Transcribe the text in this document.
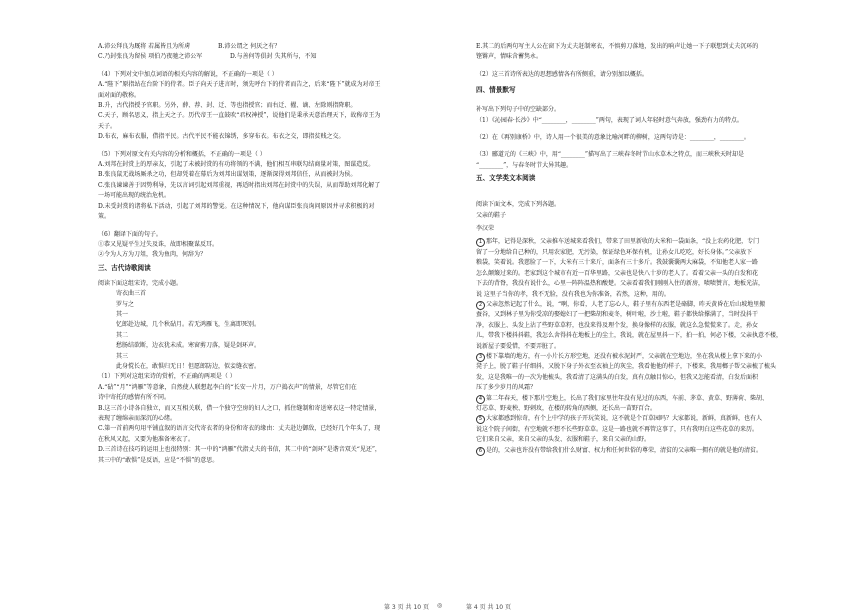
A.沛公拜良为厩将 若属皆且为所虏	B.沛公谓之 何厌之有？
C.乃封张良为留侯 项伯乃夜驰之沛公军	D.与善何等俱封 失其所与，不知
（4）下列对文中加点词语的相关内容的解说，不正确的一项是（ ）
A.“陛下”原指站在台阶下的侍者。臣子向天子进言时，须先呼台下的侍者而告之，后来“陛下”就成为对帝王
面对面的敬称。
B.升，古代指授予官职。另外，薛、荐、封、迁、等也指授官；而右迁、擢、谪、左除则指降职。
C.天子，顾名思义，指上天之子。历代帝王一直鼓吹“君权神授”，说他们是秉承天意治理天下，故称帝王为
天子。
D.布衣，麻布衣服，借指平民。古代平民不能衣锦绣，多穿布衣。布衣之交，即指贫贱之交。
（5）下列对原文有关内容的分析和概括，不正确的一项是（ ）
A.刘邦在封赏上的厚亲友，引起了未被封赏的有功将领的不满，他们相互串联勾结商量对策，图谋造反。
B.张良鼠无战场厮杀之功，但却凭着在幕后为刘邦出谋划策，逐渐深得刘邦信任，从而被封为侯。
C.张良谏谏善于因势利导，先以言词引起刘邦重视，再适时指出刘邦在封赏中的失误，从而帮助刘邦化解了
一场可能出现的统治危机。
D.未受封赏的诸将私下活动，引起了刘邦的警觉。在这种情况下，他向谋臣张良询问原因并寻求积极的对
策。
（6）翻译下面的句子。
①恭又见疑平生过失及诛，故即相聚谋反耳。
②令为人方为刀俎，我为鱼肉，何辞为？
三、古代诗歌阅读
阅读下面这组宋诗，完成小题。
寄衣曲三首
罗与之
其一
忆郎赴边城，几个秋砧月。若无鸿雁飞，生离即死别。
其二
愁肠结欲断，边衣犹未成。寒窗剪刀落，疑是剑环声。
其三
此身傥长在，敢惧归无日！但愿郎防边，似妾缝衣密。
（1）下列对这组宋诗的赏析，不正确的两项是（ ）
A.“砧”“月”“鸿雁”等意象，自然使人联想起李白的“长安一片月，万户捣衣声”的情景，尽管它们在
诗中寄托的感情有所不同。
B.这三首小诗各自独立，而又互相关联，借一个独守空房的妇人之口，抓住缝制和寄送寒衣这一特定情景，
表现了缠绵亲而深沉的心绪。
C.第一首前两句用平铺直叙的语言交代寄衣者的身份和寄衣的缘由：丈夫赴边御敌，已经好几个年头了，现
在秋风又起，又要为他准备寒衣了。
D.三首诗在技巧的运用上也很特别：其一中的“鸿雁”代指丈夫的书信，其二中的“剑环”是谐音双关“见还”，
其三中的“敢惧”是反语，应是“不惧”的意思。
E.其二的后两句写主人公在窗下为丈夫赶制寒衣，不慎剪刀落地，发出的响声让她一下子联想到丈夫沉环的
铿锵声，情味含蓄隽永。
（2）这三首诗所表达的思想感情各有所侧重，请分别加以概括。
四、情景默写
补写出下列句子中的空缺部分。
（1）《沁园春·长沙》中“________，________”两句，表现了词人年轻时意气奔放，强劲有力的特点。
（2）在《再别康桥》中，诗人用一个很美的意象比喻河畔的柳树，这两句诗是：________，________。
（3）郦道元的《三峡》中，用“________”描写出了三峡春冬时节山水草木之特点，而三峡秋天时却是
“________”，与春冬时节大异其趣。
五、文学类文本阅读
阅读下面文本，完成下列各题。
父亲的鞋子
李汉荣
1 那年，记得是深秋，父亲推车送城来看我们，带来了田里新收的大米和一袋面条，“没上农药化肥，专门
留了一分地给自己种的，只用农家肥，无污染，保证绿色环保有机，让孙女儿吃吃，好长身体。”父亲放下
粮袋，笑着说。我慈脸了一下，大米有三十来斤，面条有三十多斤。我鼓囊囊两大麻袋，不知他老人家一路
怎么颠簸过来的。老家到这个城市有近一百华里路，父亲也是快八十岁的老人了。看着父亲一头的白发和花
下去的背脊，我没有说什么，心里一阵阵温热和酸楚。父亲看着我们刚刚入住的新房，啧啧赞言，地板光洁，
说 这里子当你的孝，我不无脸，没有我也为你准备，若然，这种，用的。
2 父亲忽然记起了什么，说，“啊，你看，人老了忘心人，鞋子里有东西老是硌脚，昨天黄昏在后山坡地里搬
蚕谷，又到林子里为你受凉的娶媳妇了一把柴胡和麦冬，树叶啦，沙土啦，鞋子都快给撑满了，当时没抖干
净，衣服上、头发上沾了些野草草籽，也没来得及理个发，换身像样的衣服，就这么急慌慌来了。走，孙女
儿，带我下楼抖抖鞋，我怎么舍得抖在地板上的尘土，我说，就在屋里抖一下，拍一拍，何必下楼，父亲执意不楼，
说新屋子要爱惜，不要弄脏了。
3 楼下靠墙的地方，有一小片长方形空地，还没有被水泥封严，父亲就在空地边，坐在我从楼上拿下来的小
凳子上，脱了鞋子仔细抖，又脱下身子外衣至衣袖上的灰尘，我看他他的样子，下楼来，我用榔子帮父亲梳了梳头
发，这是我唯一的一次为他梳头，我看清了这满头的白发，真有点触目惊心，但我又怎能看清，白发后面积
压了多少岁月的风霜？
4 第二年春天，楼下那片空地上，长出了我们家里往年没有见过的东西，车前、茅草、黄草、野薄荷、柴胡、
灯芯草、野麦秧、野刺玫，在楼的转角的西侧，还长出一苗野百合。
5 大家都感到惊奇，有个上中学的孩子开玩笑说，这不就是个百草园吗？大家都说，新鲜，真新鲜，也有人
说这个院子间街，有空地就不想不长些野草草。这是一路也就不再管这事了，只有我明白这些花草的来历。
它们来自父亲，来自父亲的头发、衣服和鞋子，来自父亲的山野。
6 是的，父亲也许没有带给我们什么财富、权力和任何世俗的尊荣，清贫的父亲唯一拥有的就是他的清贫。
第 3 页 共 10 页 ◎	第 4 页 共 10 页
